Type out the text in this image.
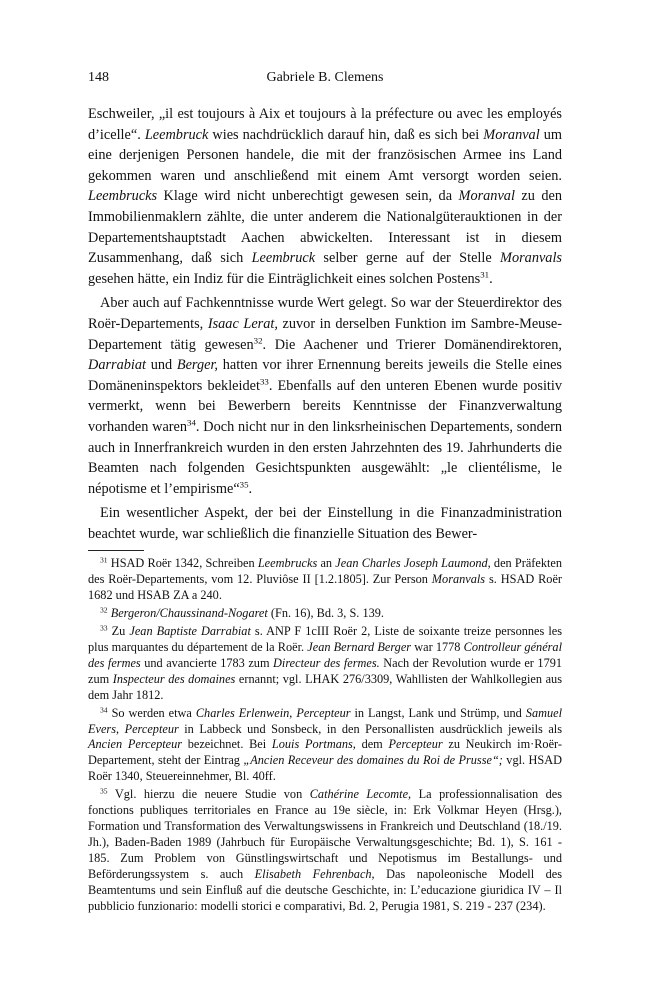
148	Gabriele B. Clemens

Eschweiler, „il est toujours à Aix et toujours à la préfecture ou avec les employés d’icelle“. Leembruck wies nachdrücklich darauf hin, daß es sich bei Moranval um eine derjenigen Personen handele, die mit der französischen Armee ins Land gekommen waren und anschließend mit einem Amt versorgt worden seien. Leembrucks Klage wird nicht unberechtigt gewesen sein, da Moranval zu den Immobilienmaklern zählte, die unter anderem die Nationalgüterauktionen in der Departementshauptstadt Aachen abwickelten. Interessant ist in diesem Zusammenhang, daß sich Leembruck selber gerne auf der Stelle Moranvals gesehen hätte, ein Indiz für die Einträglichkeit eines solchen Postens$^{31}$.

Aber auch auf Fachkenntnisse wurde Wert gelegt. So war der Steuerdirektor des Roër-Departements, Isaac Lerat, zuvor in derselben Funktion im Sambre-Meuse-Departement tätig gewesen$^{32}$. Die Aachener und Trierer Domänendirektoren, Darrabiat und Berger, hatten vor ihrer Ernennung bereits jeweils die Stelle eines Domäneninspektors bekleidet$^{33}$. Ebenfalls auf den unteren Ebenen wurde positiv vermerkt, wenn bei Bewerbern bereits Kenntnisse der Finanzverwaltung vorhanden waren$^{34}$. Doch nicht nur in den linksrheinischen Departements, sondern auch in Innerfrankreich wurden in den ersten Jahrzehnten des 19. Jahrhunderts die Beamten nach folgenden Gesichtspunkten ausgewählt: „le clientélisme, le népotisme et l’empirisme“$^{35}$.

Ein wesentlicher Aspekt, der bei der Einstellung in die Finanzadministration beachtet wurde, war schließlich die finanzielle Situation des Bewer-

$^{31}$ HSAD Roër 1342, Schreiben Leembrucks an Jean Charles Joseph Laumond, den Präfekten des Roër-Departements, vom 12. Pluviôse II [1.2.1805]. Zur Person Moranvals s. HSAD Roër 1682 und HSAB ZA a 240.

$^{32}$ Bergeron/Chaussinand-Nogaret (Fn. 16), Bd. 3, S. 139.

$^{33}$ Zu Jean Baptiste Darrabiat s. ANP F 1cIII Roër 2, Liste de soixante treize personnes les plus marquantes du département de la Roër. Jean Bernard Berger war 1778 Controlleur général des fermes und avancierte 1783 zum Directeur des fermes. Nach der Revolution wurde er 1791 zum Inspecteur des domaines ernannt; vgl. LHAK 276/3309, Wahllisten der Wahlkollegien aus dem Jahr 1812.

$^{34}$ So werden etwa Charles Erlenwein, Percepteur in Langst, Lank und Strümp, und Samuel Evers, Percepteur in Labbeck und Sonsbeck, in den Personallisten ausdrücklich jeweils als Ancien Percepteur bezeichnet. Bei Louis Portmans, dem Percepteur zu Neukirch im·Roër-Departement, steht der Eintrag „Ancien Receveur des domaines du Roi de Prusse“; vgl. HSAD Roër 1340, Steuereinnehmer, Bl. 40ff.

$^{35}$ Vgl. hierzu die neuere Studie von Cathérine Lecomte, La professionnalisation des fonctions publiques territoriales en France au 19e siècle, in: Erk Volkmar Heyen (Hrsg.), Formation und Transformation des Verwaltungswissens in Frankreich und Deutschland (18./19. Jh.), Baden-Baden 1989 (Jahrbuch für Europäische Verwaltungsgeschichte; Bd. 1), S. 161 - 185. Zum Problem von Günstlingswirtschaft und Nepotismus im Bestallungs- und Beförderungssystem s. auch Elisabeth Fehrenbach, Das napoleonische Modell des Beamtentums und sein Einfluß auf die deutsche Geschichte, in: L’educazione giuridica IV – Il pubblicio funzionario: modelli storici e comparativi, Bd. 2, Perugia 1981, S. 219 - 237 (234).
